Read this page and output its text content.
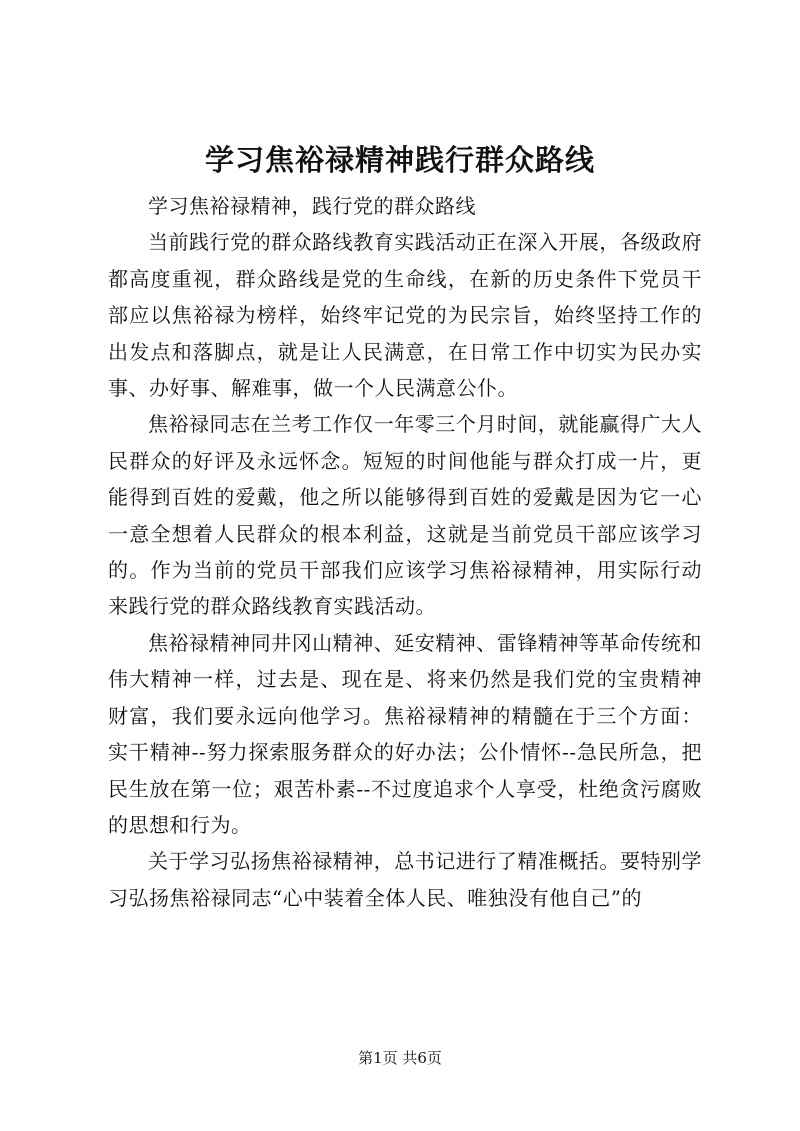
学习焦裕禄精神践行群众路线

学习焦裕禄精神，践行党的群众路线

当前践行党的群众路线教育实践活动正在深入开展，各级政府都高度重视，群众路线是党的生命线，在新的历史条件下党员干部应以焦裕禄为榜样，始终牢记党的为民宗旨，始终坚持工作的出发点和落脚点，就是让人民满意，在日常工作中切实为民办实事、办好事、解难事，做一个人民满意公仆。

焦裕禄同志在兰考工作仅一年零三个月时间，就能赢得广大人民群众的好评及永远怀念。短短的时间他能与群众打成一片，更能得到百姓的爱戴，他之所以能够得到百姓的爱戴是因为它一心一意全想着人民群众的根本利益，这就是当前党员干部应该学习的。作为当前的党员干部我们应该学习焦裕禄精神，用实际行动来践行党的群众路线教育实践活动。

焦裕禄精神同井冈山精神、延安精神、雷锋精神等革命传统和伟大精神一样，过去是、现在是、将来仍然是我们党的宝贵精神财富，我们要永远向他学习。焦裕禄精神的精髓在于三个方面：实干精神--努力探索服务群众的好办法；公仆情怀--急民所急，把民生放在第一位；艰苦朴素--不过度追求个人享受，杜绝贪污腐败的思想和行为。

关于学习弘扬焦裕禄精神，总书记进行了精准概括。要特别学习弘扬焦裕禄同志“心中装着全体人民、唯独没有他自己”的

第1页 共6页
